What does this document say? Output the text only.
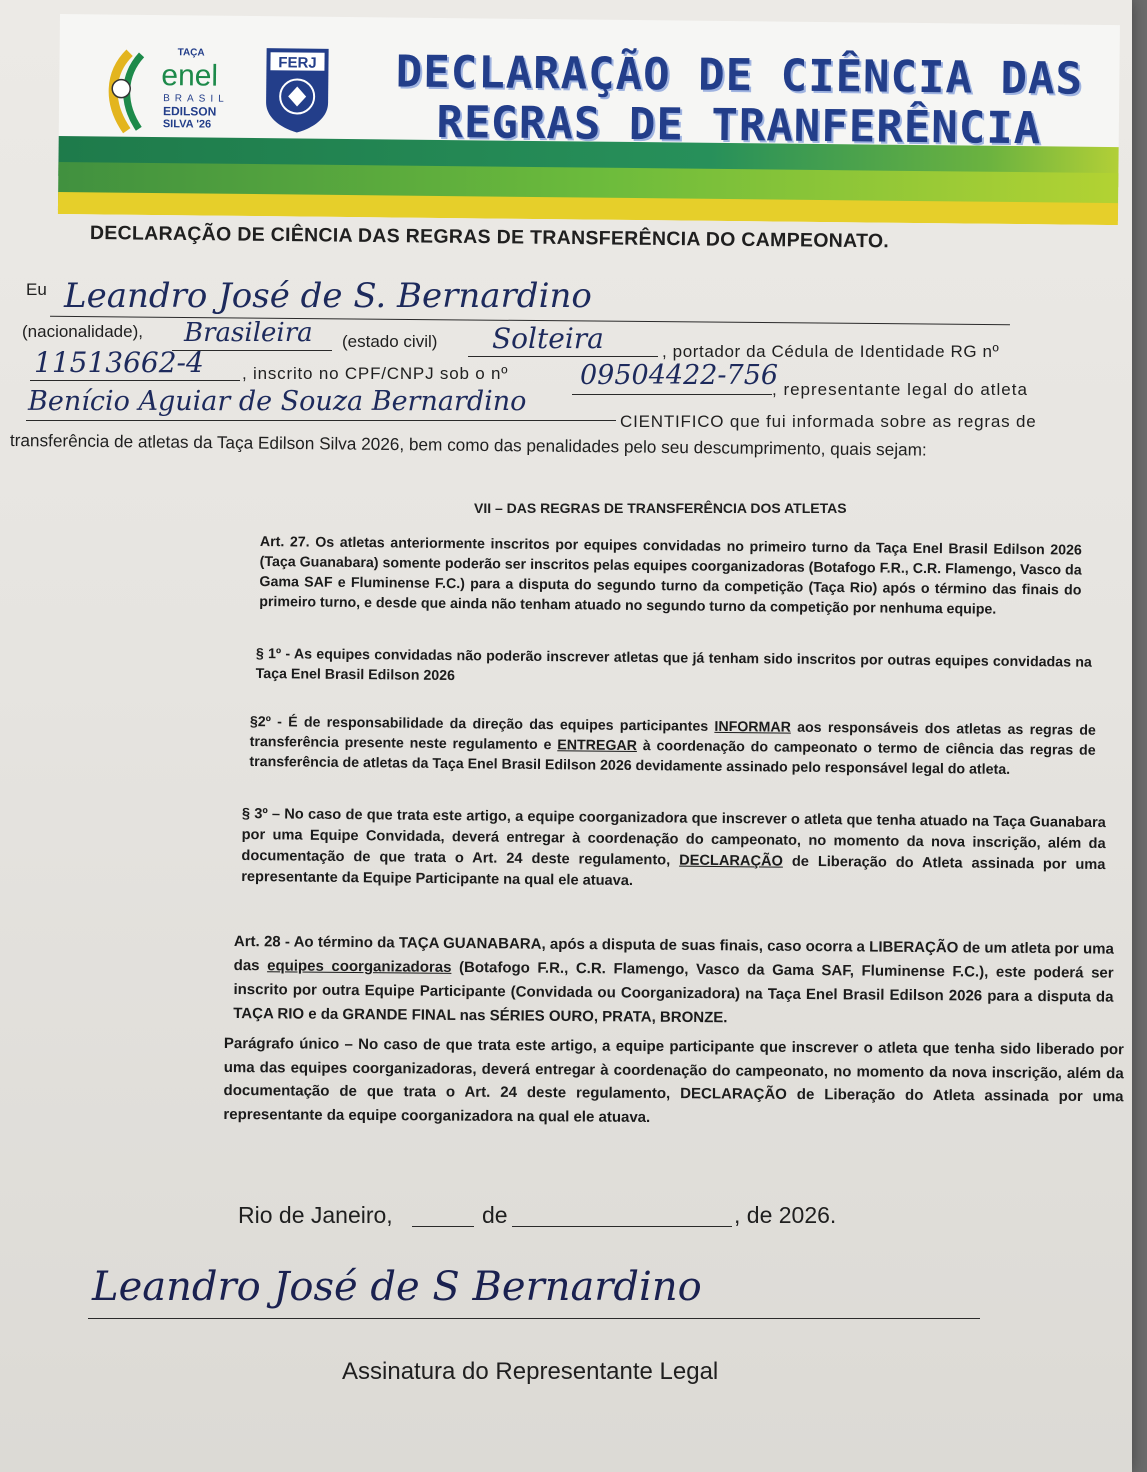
TAÇA
enel
BRASIL
EDILSON
SILVA '26
FERJ	DECLARAÇÃO DE CIÊNCIA DAS
REGRAS DE TRANFERÊNCIA
DECLARAÇÃO DE CIÊNCIA DAS REGRAS DE TRANSFERÊNCIA DO CAMPEONATO.
Eu Leandro José de S. Bernardino
(nacionalidade), Brasileira (estado civil) Solteira	, portador da Cédula de Identidade RG nº
11513662-4 , inscrito no CPF/CNPJ sob o nº	09504422-756
, representante legal do atleta
Benício Aguiar de Souza Bernardino
CIENTIFICO que fui informada sobre as regras de
transferência de atletas da Taça Edilson Silva 2026, bem como das penalidades pelo seu descumprimento, quais sejam:
VII – DAS REGRAS DE TRANSFERÊNCIA DOS ATLETAS
Art. 27. Os atletas anteriormente inscritos por equipes convidadas no primeiro turno da Taça Enel Brasil Edilson 2026 (Taça Guanabara) somente poderão ser inscritos pelas equipes coorganizadoras (Botafogo F.R., C.R. Flamengo, Vasco da Gama SAF e Fluminense F.C.) para a disputa do segundo turno da competição (Taça Rio) após o término das finais do primeiro turno, e desde que ainda não tenham atuado no segundo turno da competição por nenhuma equipe.
§ 1º - As equipes convidadas não poderão inscrever atletas que já tenham sido inscritos por outras equipes convidadas na Taça Enel Brasil Edilson 2026
§2º - É de responsabilidade da direção das equipes participantes INFORMAR aos responsáveis dos atletas as regras de transferência presente neste regulamento e ENTREGAR à coordenação do campeonato o termo de ciência das regras de transferência de atletas da Taça Enel Brasil Edilson 2026 devidamente assinado pelo responsável legal do atleta.
§ 3º – No caso de que trata este artigo, a equipe coorganizadora que inscrever o atleta que tenha atuado na Taça Guanabara por uma Equipe Convidada, deverá entregar à coordenação do campeonato, no momento da nova inscrição, além da documentação de que trata o Art. 24 deste regulamento, DECLARAÇÃO de Liberação do Atleta assinada por uma representante da Equipe Participante na qual ele atuava.
Art. 28 - Ao término da TAÇA GUANABARA, após a disputa de suas finais, caso ocorra a LIBERAÇÃO de um atleta por uma das equipes coorganizadoras (Botafogo F.R., C.R. Flamengo, Vasco da Gama SAF, Fluminense F.C.), este poderá ser inscrito por outra Equipe Participante (Convidada ou Coorganizadora) na Taça Enel Brasil Edilson 2026 para a disputa da TAÇA RIO e da GRANDE FINAL nas SÉRIES OURO, PRATA, BRONZE.
Parágrafo único – No caso de que trata este artigo, a equipe participante que inscrever o atleta que tenha sido liberado por uma das equipes coorganizadoras, deverá entregar à coordenação do campeonato, no momento da nova inscrição, além da documentação de que trata o Art. 24 deste regulamento, DECLARAÇÃO de Liberação do Atleta assinada por uma representante da equipe coorganizadora na qual ele atuava.
Rio de Janeiro,	de	, de 2026.
Leandro José de S Bernardino
Assinatura do Representante Legal
